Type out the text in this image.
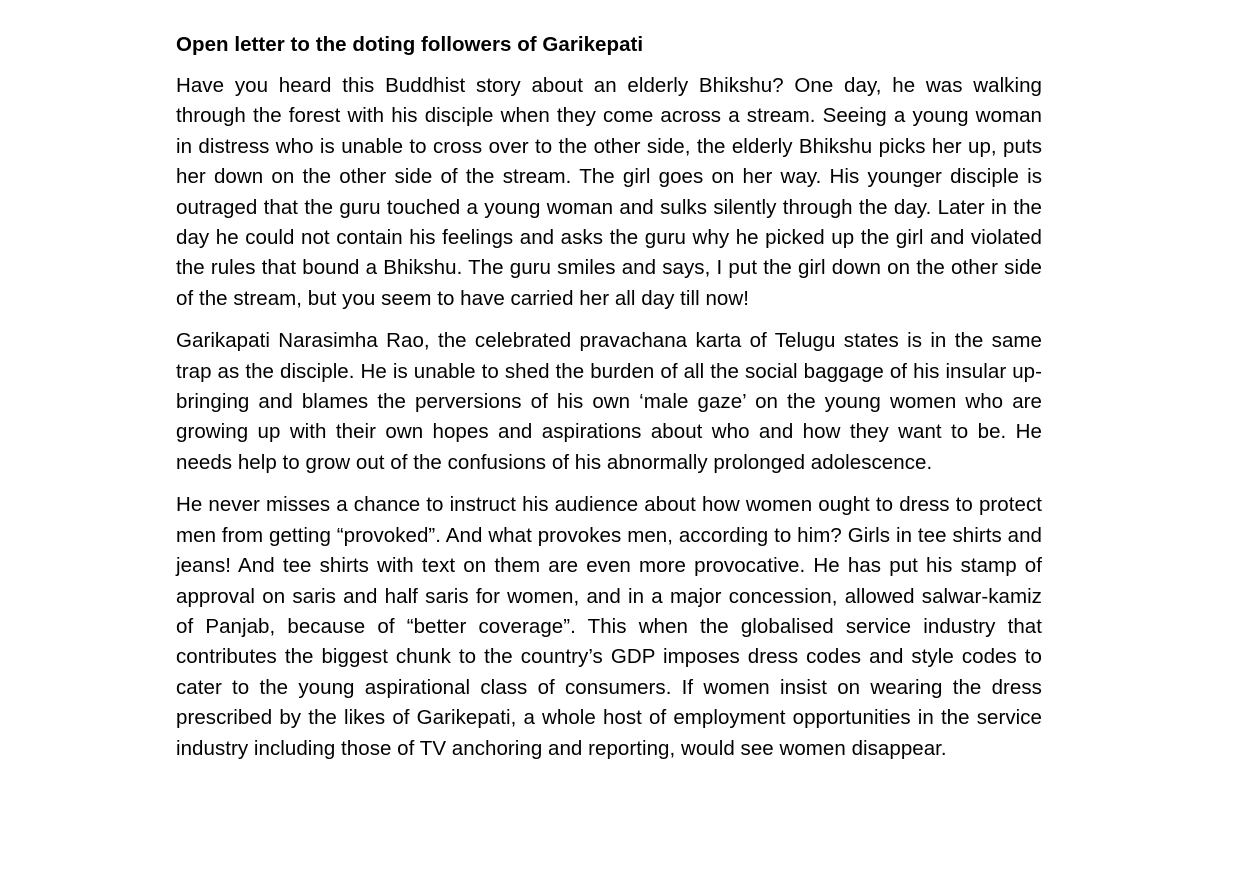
Open letter to the doting followers of Garikepati

Have you heard this Buddhist story about an elderly Bhikshu? One day, he was walking through the forest with his disciple when they come across a stream. Seeing a young woman in distress who is unable to cross over to the other side, the elderly Bhikshu picks her up, puts her down on the other side of the stream. The girl goes on her way. His younger disciple is outraged that the guru touched a young woman and sulks silently through the day. Later in the day he could not contain his feelings and asks the guru why he picked up the girl and violated the rules that bound a Bhikshu. The guru smiles and says, I put the girl down on the other side of the stream, but you seem to have carried her all day till now!

Garikapati Narasimha Rao, the celebrated pravachana karta of Telugu states is in the same trap as the disciple. He is unable to shed the burden of all the social baggage of his insular up-bringing and blames the perversions of his own ‘male gaze’ on the young women who are growing up with their own hopes and aspirations about who and how they want to be. He needs help to grow out of the confusions of his abnormally prolonged adolescence.

He never misses a chance to instruct his audience about how women ought to dress to protect men from getting “provoked”. And what provokes men, according to him? Girls in tee shirts and jeans! And tee shirts with text on them are even more provocative. He has put his stamp of approval on saris and half saris for women, and in a major concession, allowed salwar-kamiz of Panjab, because of “better coverage”. This when the globalised service industry that contributes the biggest chunk to the country’s GDP imposes dress codes and style codes to cater to the young aspirational class of consumers. If women insist on wearing the dress prescribed by the likes of Garikepati, a whole host of employment opportunities in the service industry including those of TV anchoring and reporting, would see women disappear.
